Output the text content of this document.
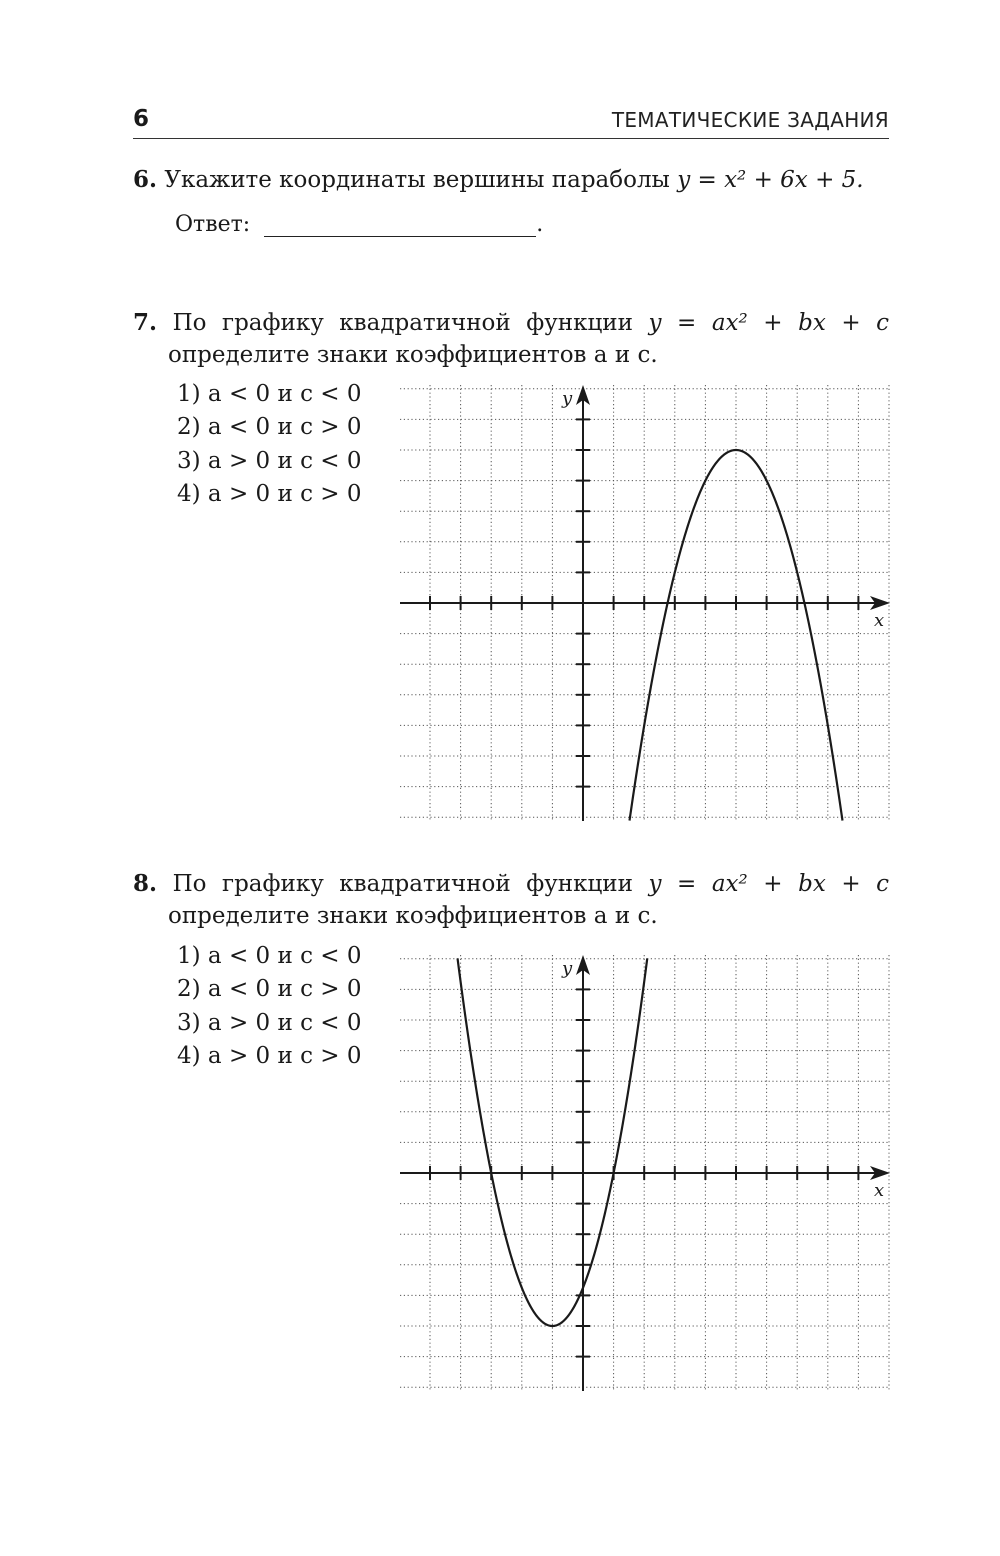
6	ТЕМАТИЧЕСКИЕ ЗАДАНИЯ
6. Укажите координаты вершины параболы y = x² + 6x + 5.
Ответ:	.
7. По графику квадратичной функции y = ax² + bx + c
определите знаки коэффициентов a и c.
1) a < 0 и c < 0
2) a < 0 и c > 0
3) a > 0 и c < 0
4) a > 0 и c > 0
x
y
8. По графику квадратичной функции y = ax² + bx + c
определите знаки коэффициентов a и c.
1) a < 0 и c < 0
2) a < 0 и c > 0
3) a > 0 и c < 0
4) a > 0 и c > 0
x
y
